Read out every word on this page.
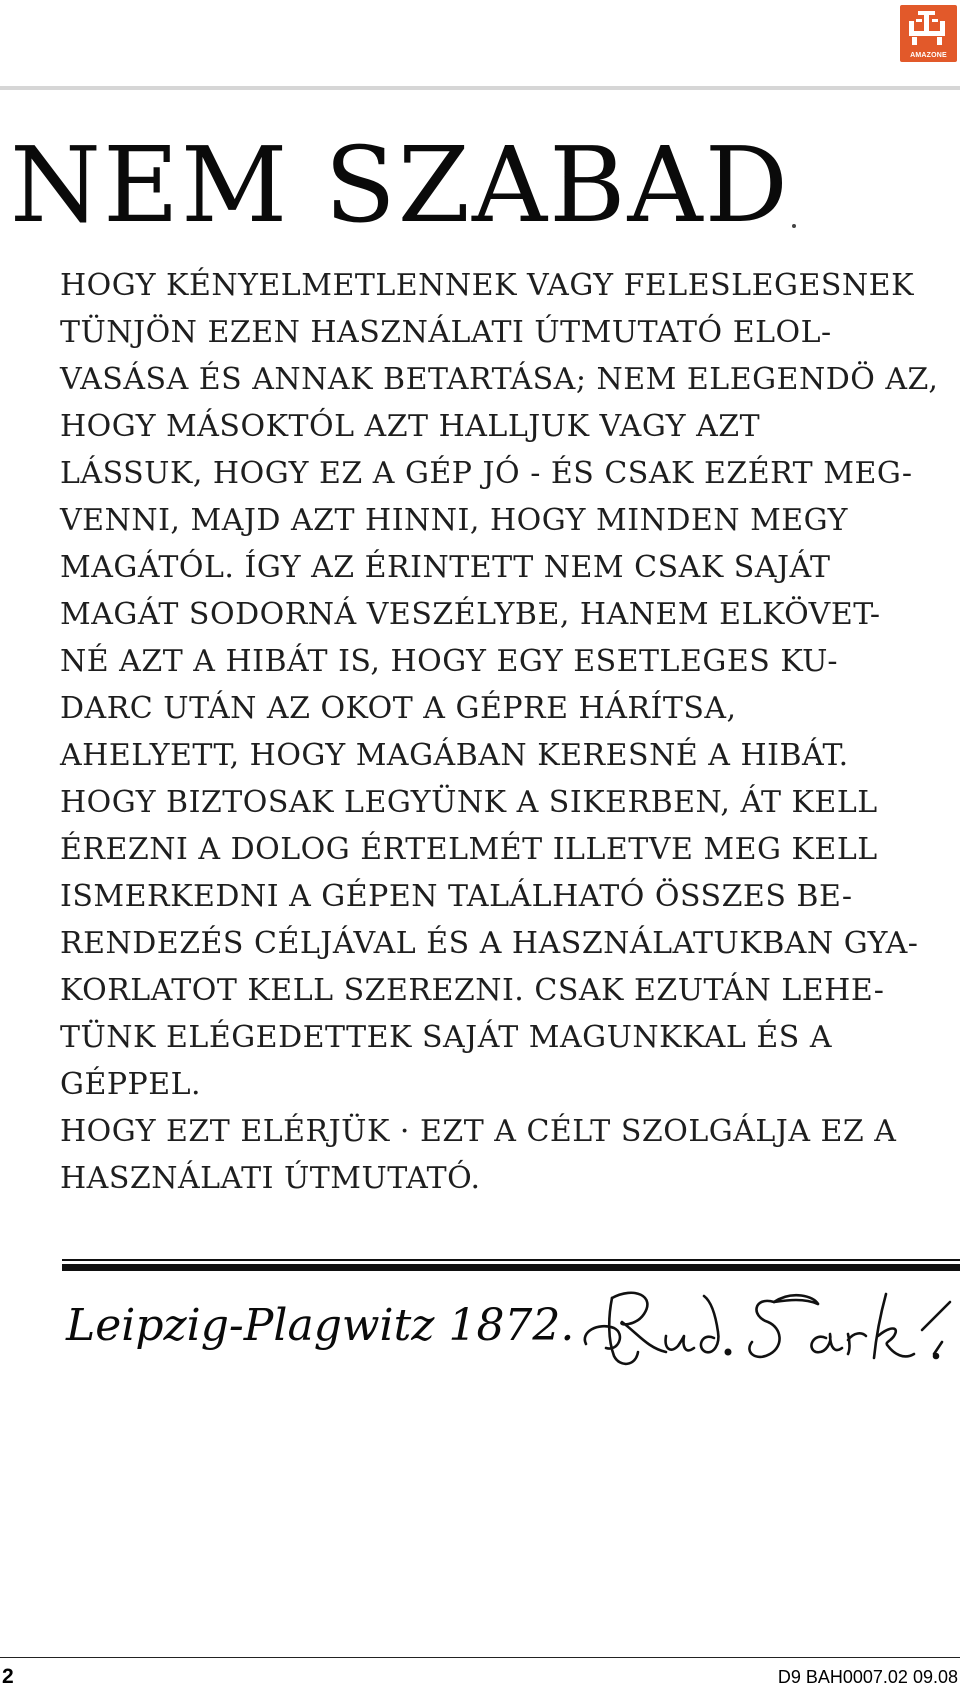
AMAZONE
NEM SZABAD

HOGY KÉNYELMETLENNEK VAGY FELESLEGESNEK

TÜNJÖN EZEN HASZNÁLATI ÚTMUTATÓ ELOL-

VASÁSA ÉS ANNAK BETARTÁSA; NEM ELEGENDÖ AZ,

HOGY MÁSOKTÓL AZT HALLJUK VAGY AZT

LÁSSUK, HOGY EZ A GÉP JÓ - ÉS CSAK EZÉRT MEG-

VENNI, MAJD AZT HINNI, HOGY MINDEN MEGY

MAGÁTÓL. ÍGY AZ ÉRINTETT NEM CSAK SAJÁT

MAGÁT SODORNÁ VESZÉLYBE, HANEM ELKÖVET-

NÉ AZT A HIBÁT IS, HOGY EGY ESETLEGES KU-

DARC UTÁN AZ OKOT A GÉPRE HÁRÍTSA,

AHELYETT, HOGY MAGÁBAN KERESNÉ A HIBÁT.

HOGY BIZTOSAK LEGYÜNK A SIKERBEN, ÁT KELL

ÉREZNI A DOLOG ÉRTELMÉT ILLETVE MEG KELL

ISMERKEDNI A GÉPEN TALÁLHATÓ ÖSSZES BE-

RENDEZÉS CÉLJÁVAL ÉS A HASZNÁLATUKBAN GYA-

KORLATOT KELL SZEREZNI. CSAK EZUTÁN LEHE-

TÜNK ELÉGEDETTEK SAJÁT MAGUNKKAL ÉS A

GÉPPEL.

HOGY EZT ELÉRJÜK · EZT A CÉLT SZOLGÁLJA EZ A

HASZNÁLATI ÚTMUTATÓ.

Leipzig-Plagwitz 1872.
2	D9 BAH0007.02 09.08
